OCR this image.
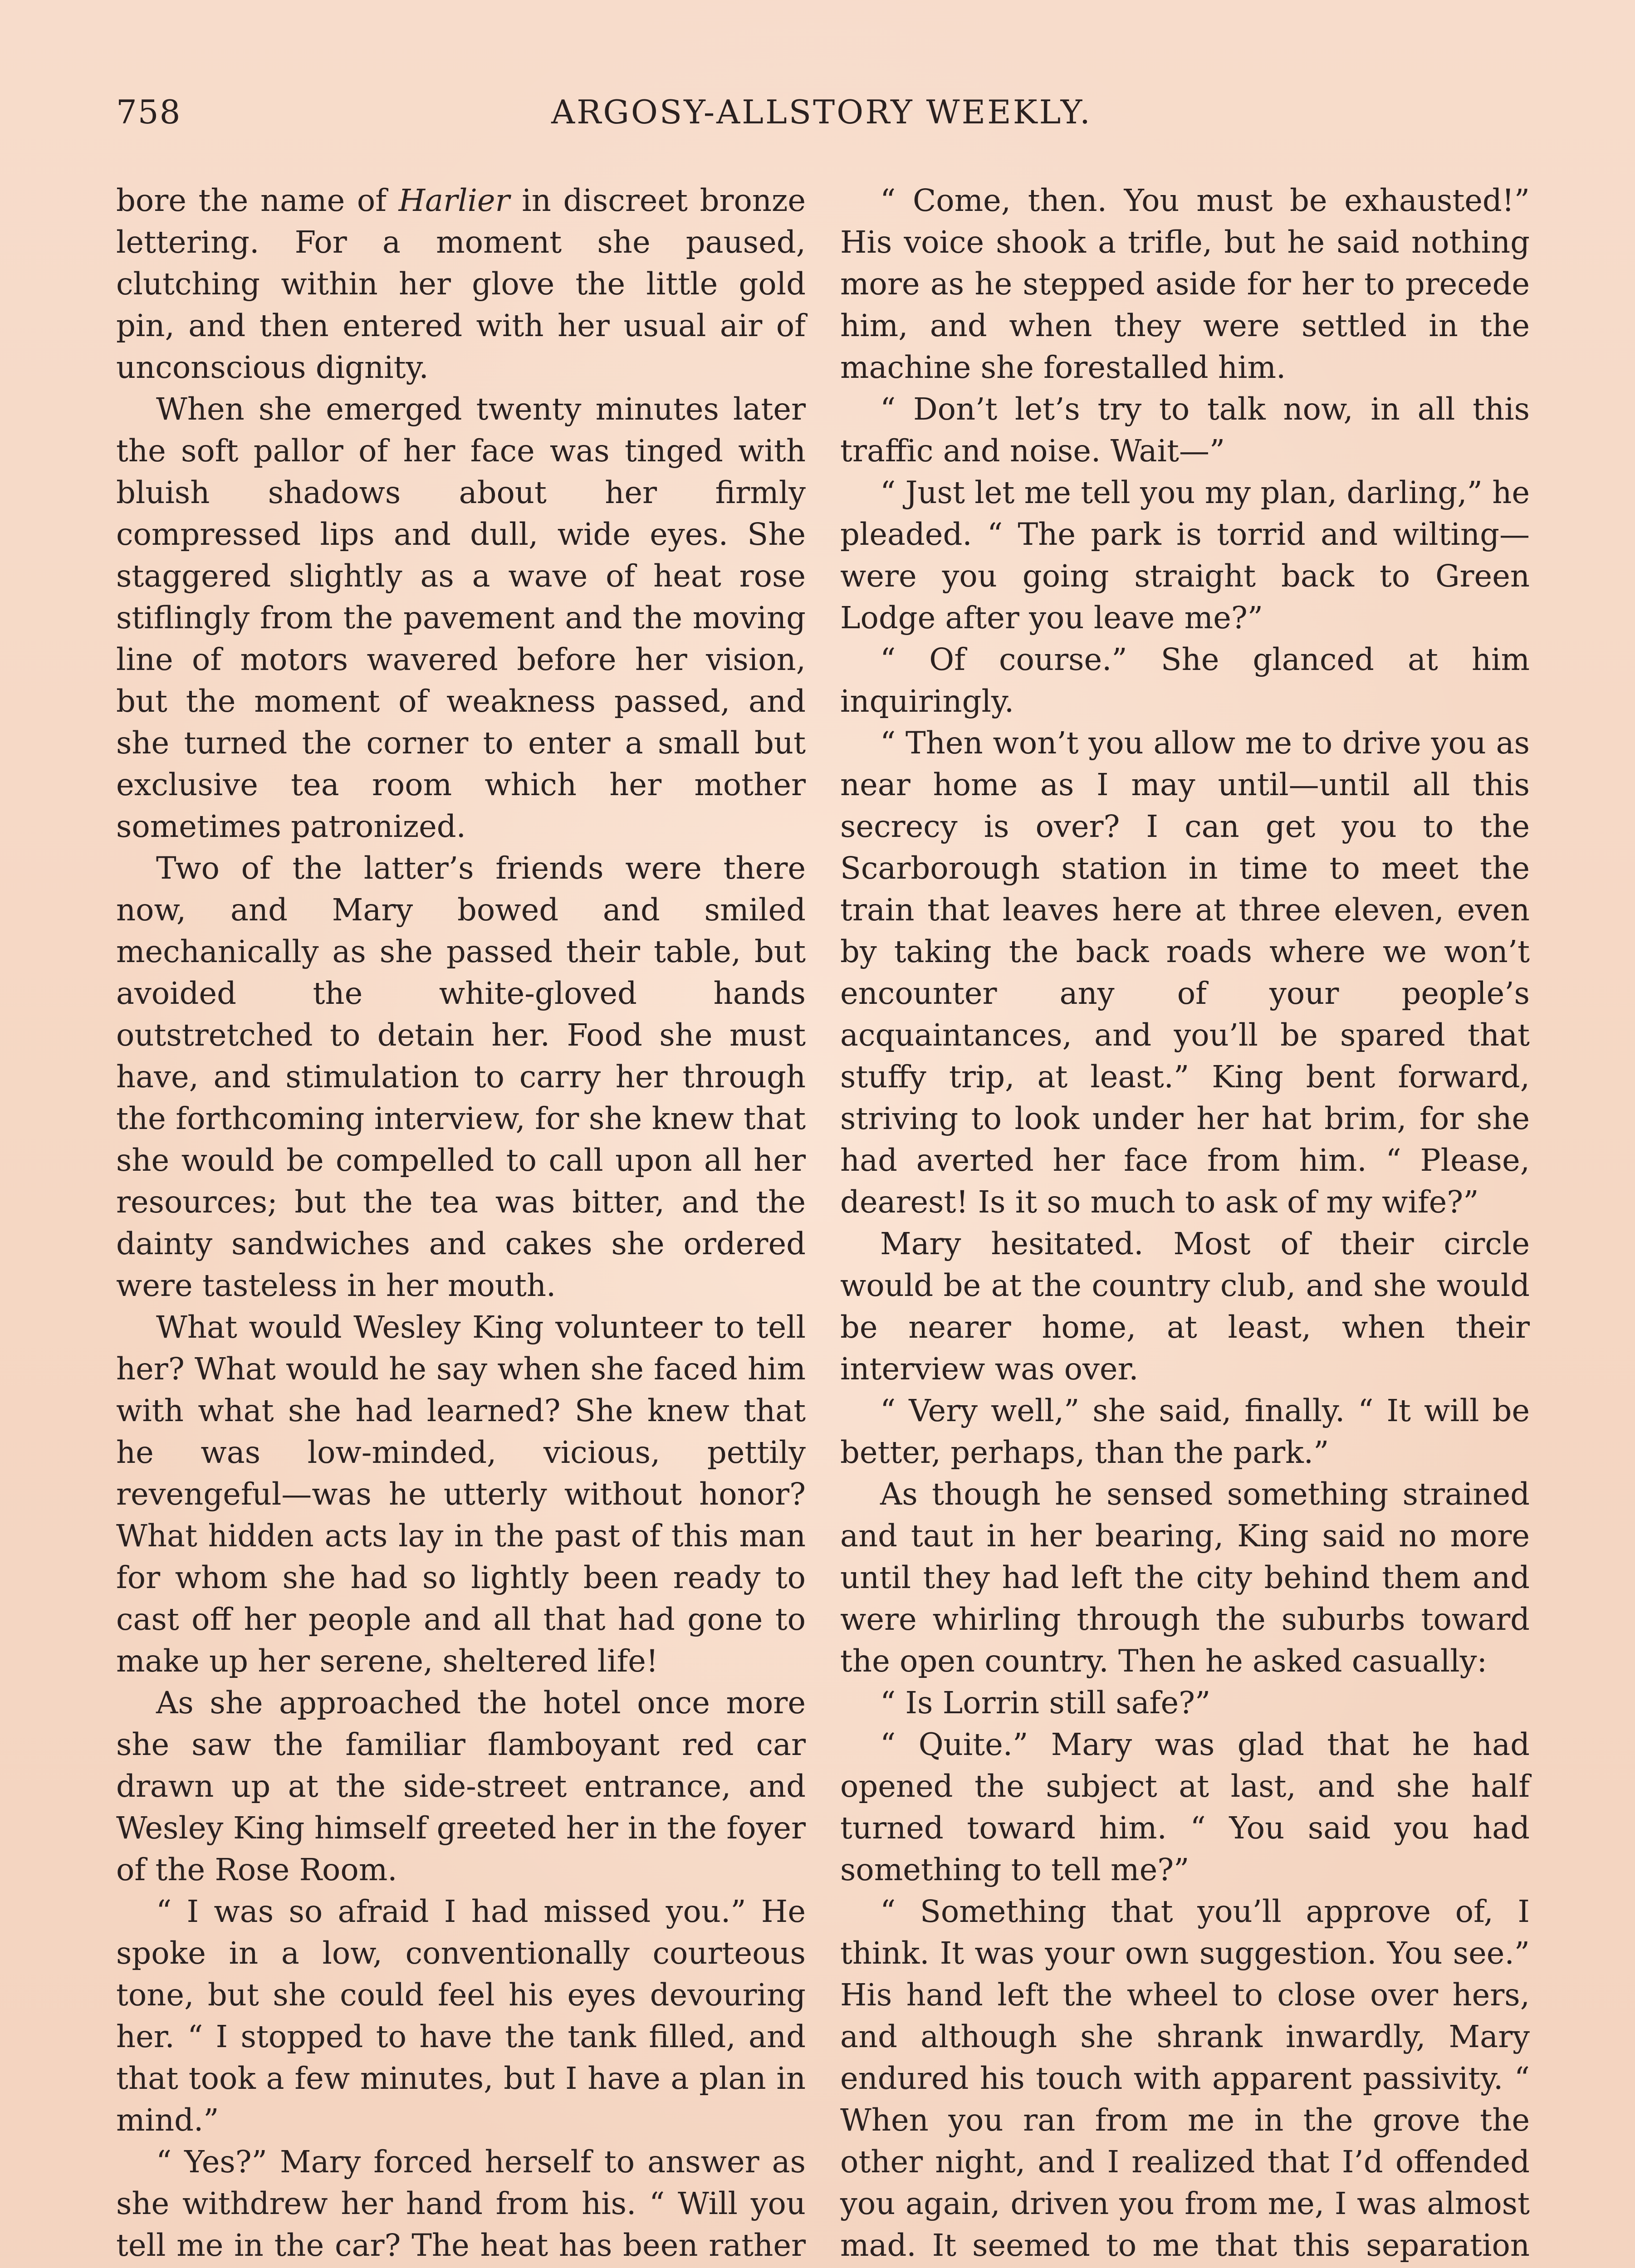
758	ARGOSY-ALLSTORY WEEKLY.

bore the name of Harlier in discreet bronze lettering. For a moment she paused, clutching within her glove the little gold pin, and then entered with her usual air of unconscious dignity.

When she emerged twenty minutes later the soft pallor of her face was tinged with bluish shadows about her firmly compressed lips and dull, wide eyes. She staggered slightly as a wave of heat rose stiflingly from the pavement and the moving line of motors wavered before her vision, but the moment of weakness passed, and she turned the corner to enter a small but exclusive tea room which her mother sometimes patronized.

Two of the latter’s friends were there now, and Mary bowed and smiled mechanically as she passed their table, but avoided the white-gloved hands outstretched to detain her. Food she must have, and stimulation to carry her through the forthcoming interview, for she knew that she would be compelled to call upon all her resources; but the tea was bitter, and the dainty sandwiches and cakes she ordered were tasteless in her mouth.

What would Wesley King volunteer to tell her? What would he say when she faced him with what she had learned? She knew that he was low-minded, vicious, pettily revengeful—was he utterly without honor? What hidden acts lay in the past of this man for whom she had so lightly been ready to cast off her people and all that had gone to make up her serene, sheltered life!

As she approached the hotel once more she saw the familiar flamboyant red car drawn up at the side-street entrance, and Wesley King himself greeted her in the foyer of the Rose Room.

“ I was so afraid I had missed you.” He spoke in a low, conventionally courteous tone, but she could feel his eyes devouring her. “ I stopped to have the tank filled, and that took a few minutes, but I have a plan in mind.”

“ Yes?” Mary forced herself to answer as she withdrew her hand from his. “ Will you tell me in the car? The heat has been rather

“ Come, then. You must be exhausted!” His voice shook a trifle, but he said nothing more as he stepped aside for her to precede him, and when they were settled in the machine she forestalled him.

“ Don’t let’s try to talk now, in all this traffic and noise. Wait—”

“ Just let me tell you my plan, darling,” he pleaded. “ The park is torrid and wilting—were you going straight back to Green Lodge after you leave me?”

“ Of course.” She glanced at him inquiringly.

“ Then won’t you allow me to drive you as near home as I may until—until all this secrecy is over? I can get you to the Scarborough station in time to meet the train that leaves here at three eleven, even by taking the back roads where we won’t encounter any of your people’s acquaintances, and you’ll be spared that stuffy trip, at least.” King bent forward, striving to look under her hat brim, for she had averted her face from him. “ Please, dearest! Is it so much to ask of my wife?”

Mary hesitated. Most of their circle would be at the country club, and she would be nearer home, at least, when their interview was over.

“ Very well,” she said, finally. “ It will be better, perhaps, than the park.”

As though he sensed something strained and taut in her bearing, King said no more until they had left the city behind them and were whirling through the suburbs toward the open country. Then he asked casually:

“ Is Lorrin still safe?”

“ Quite.” Mary was glad that he had opened the subject at last, and she half turned toward him. “ You said you had something to tell me?”

“ Something that you’ll approve of, I think. It was your own suggestion. You see.” His hand left the wheel to close over hers, and although she shrank inwardly, Mary endured his touch with apparent passivity. “ When you ran from me in the grove the other night, and I realized that I’d offended you again, driven you from me, I was almost mad. It seemed to me that this separation
